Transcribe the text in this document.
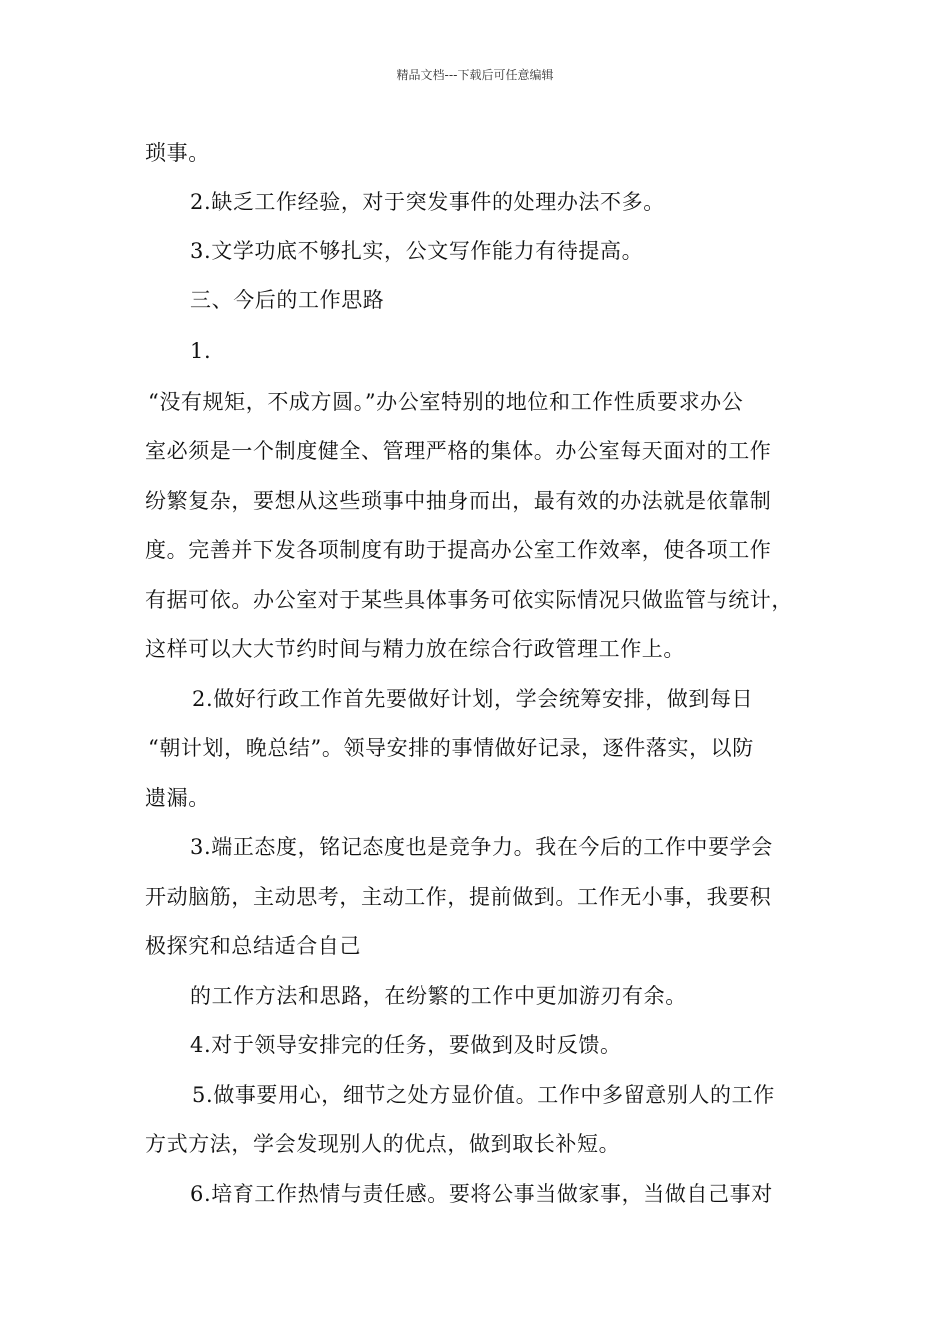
精品文档---下载后可任意编辑
琐事。
2.缺乏工作经验，对于突发事件的处理办法不多。
3.文学功底不够扎实，公文写作能力有待提高。
三、今后的工作思路
1.
“没有规矩，不成方圆。”办公室特别的地位和工作性质要求办公
室必须是一个制度健全、管理严格的集体。办公室每天面对的工作
纷繁复杂，要想从这些琐事中抽身而出，最有效的办法就是依靠制
度。完善并下发各项制度有助于提高办公室工作效率，使各项工作
有据可依。办公室对于某些具体事务可依实际情况只做监管与统计，
这样可以大大节约时间与精力放在综合行政管理工作上。
2.做好行政工作首先要做好计划，学会统筹安排，做到每日
“朝计划，晚总结”。领导安排的事情做好记录，逐件落实，以防
遗漏。
3.端正态度，铭记态度也是竞争力。我在今后的工作中要学会
开动脑筋，主动思考，主动工作，提前做到。工作无小事，我要积
极探究和总结适合自己
的工作方法和思路，在纷繁的工作中更加游刃有余。
4.对于领导安排完的任务，要做到及时反馈。
5.做事要用心，细节之处方显价值。工作中多留意别人的工作
方式方法，学会发现别人的优点，做到取长补短。
6.培育工作热情与责任感。要将公事当做家事，当做自己事对
